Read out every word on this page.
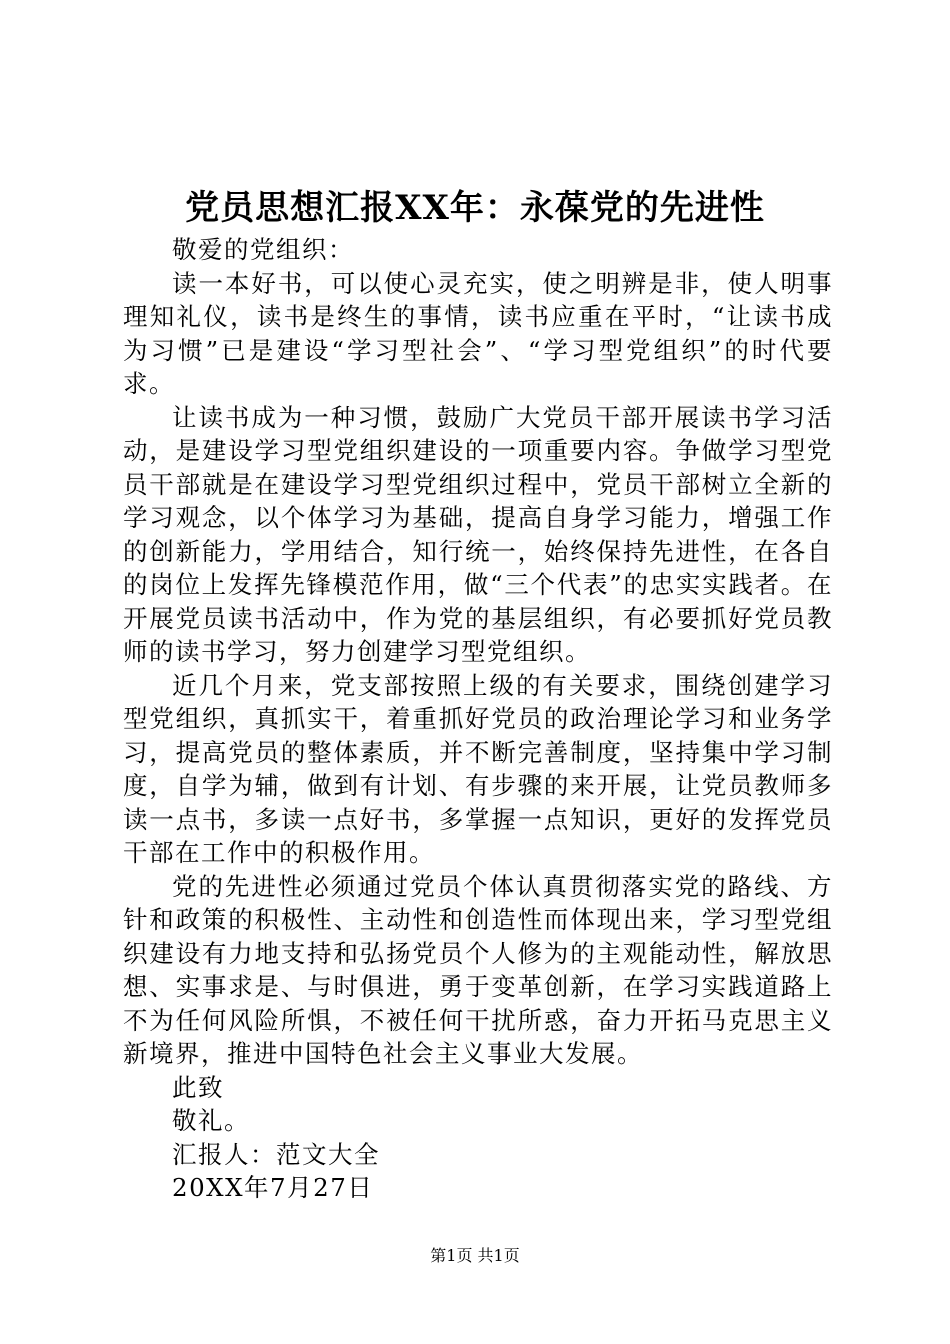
党员思想汇报XX年：永葆党的先进性

敬爱的党组织：

读一本好书，可以使心灵充实，使之明辨是非，使人明事理知礼仪，读书是终生的事情，读书应重在平时，“让读书成为习惯”已是建设“学习型社会”、“学习型党组织”的时代要求。

让读书成为一种习惯，鼓励广大党员干部开展读书学习活动，是建设学习型党组织建设的一项重要内容。争做学习型党员干部就是在建设学习型党组织过程中，党员干部树立全新的学习观念，以个体学习为基础，提高自身学习能力，增强工作的创新能力，学用结合，知行统一，始终保持先进性，在各自的岗位上发挥先锋模范作用，做“三个代表”的忠实实践者。在开展党员读书活动中，作为党的基层组织，有必要抓好党员教师的读书学习，努力创建学习型党组织。

近几个月来，党支部按照上级的有关要求，围绕创建学习型党组织，真抓实干，着重抓好党员的政治理论学习和业务学习，提高党员的整体素质，并不断完善制度，坚持集中学习制度，自学为辅，做到有计划、有步骤的来开展，让党员教师多读一点书，多读一点好书，多掌握一点知识，更好的发挥党员干部在工作中的积极作用。

党的先进性必须通过党员个体认真贯彻落实党的路线、方针和政策的积极性、主动性和创造性而体现出来，学习型党组织建设有力地支持和弘扬党员个人修为的主观能动性，解放思想、实事求是、与时俱进，勇于变革创新，在学习实践道路上不为任何风险所惧，不被任何干扰所惑，奋力开拓马克思主义新境界，推进中国特色社会主义事业大发展。

此致

敬礼。

汇报人：范文大全

20XX年7月27日

第1页 共1页
